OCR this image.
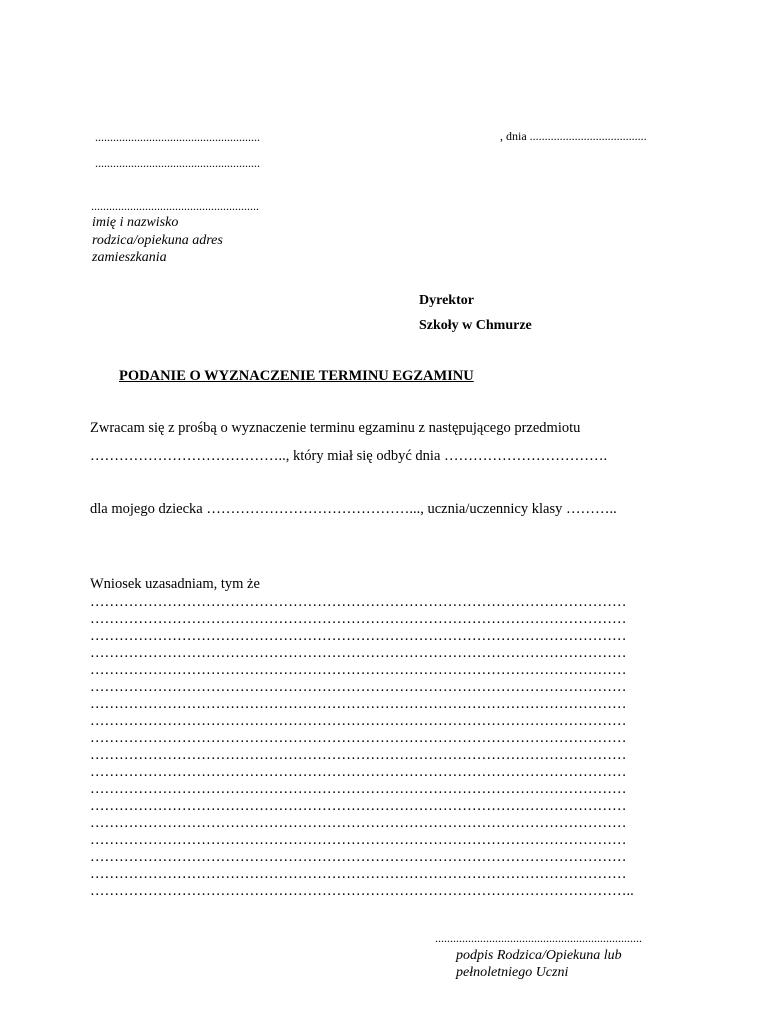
.......................................................	, dnia .......................................
.......................................................
........................................................
imię i nazwisko
rodzica/opiekuna adres
zamieszkania
Dyrektor
Szkoły w Chmurze
PODANIE O WYZNACZENIE TERMINU EGZAMINU
Zwracam się z prośbą o wyznaczenie terminu egzaminu z następującego przedmiotu
………………………………….., który miał się odbyć dnia …………………………….
dla mojego dziecka ……………………………………..., ucznia/uczennicy klasy ………..
Wniosek uzasadniam, tym że
…………………………………………………………………………………………………
…………………………………………………………………………………………………
…………………………………………………………………………………………………
…………………………………………………………………………………………………
…………………………………………………………………………………………………
…………………………………………………………………………………………………
…………………………………………………………………………………………………
…………………………………………………………………………………………………
…………………………………………………………………………………………………
…………………………………………………………………………………………………
…………………………………………………………………………………………………
…………………………………………………………………………………………………
…………………………………………………………………………………………………
…………………………………………………………………………………………………
…………………………………………………………………………………………………
…………………………………………………………………………………………………
…………………………………………………………………………………………………
…………………………………………………………………………………………………..
.....................................................................
podpis Rodzica/Opiekuna lub
pełnoletniego Uczni
